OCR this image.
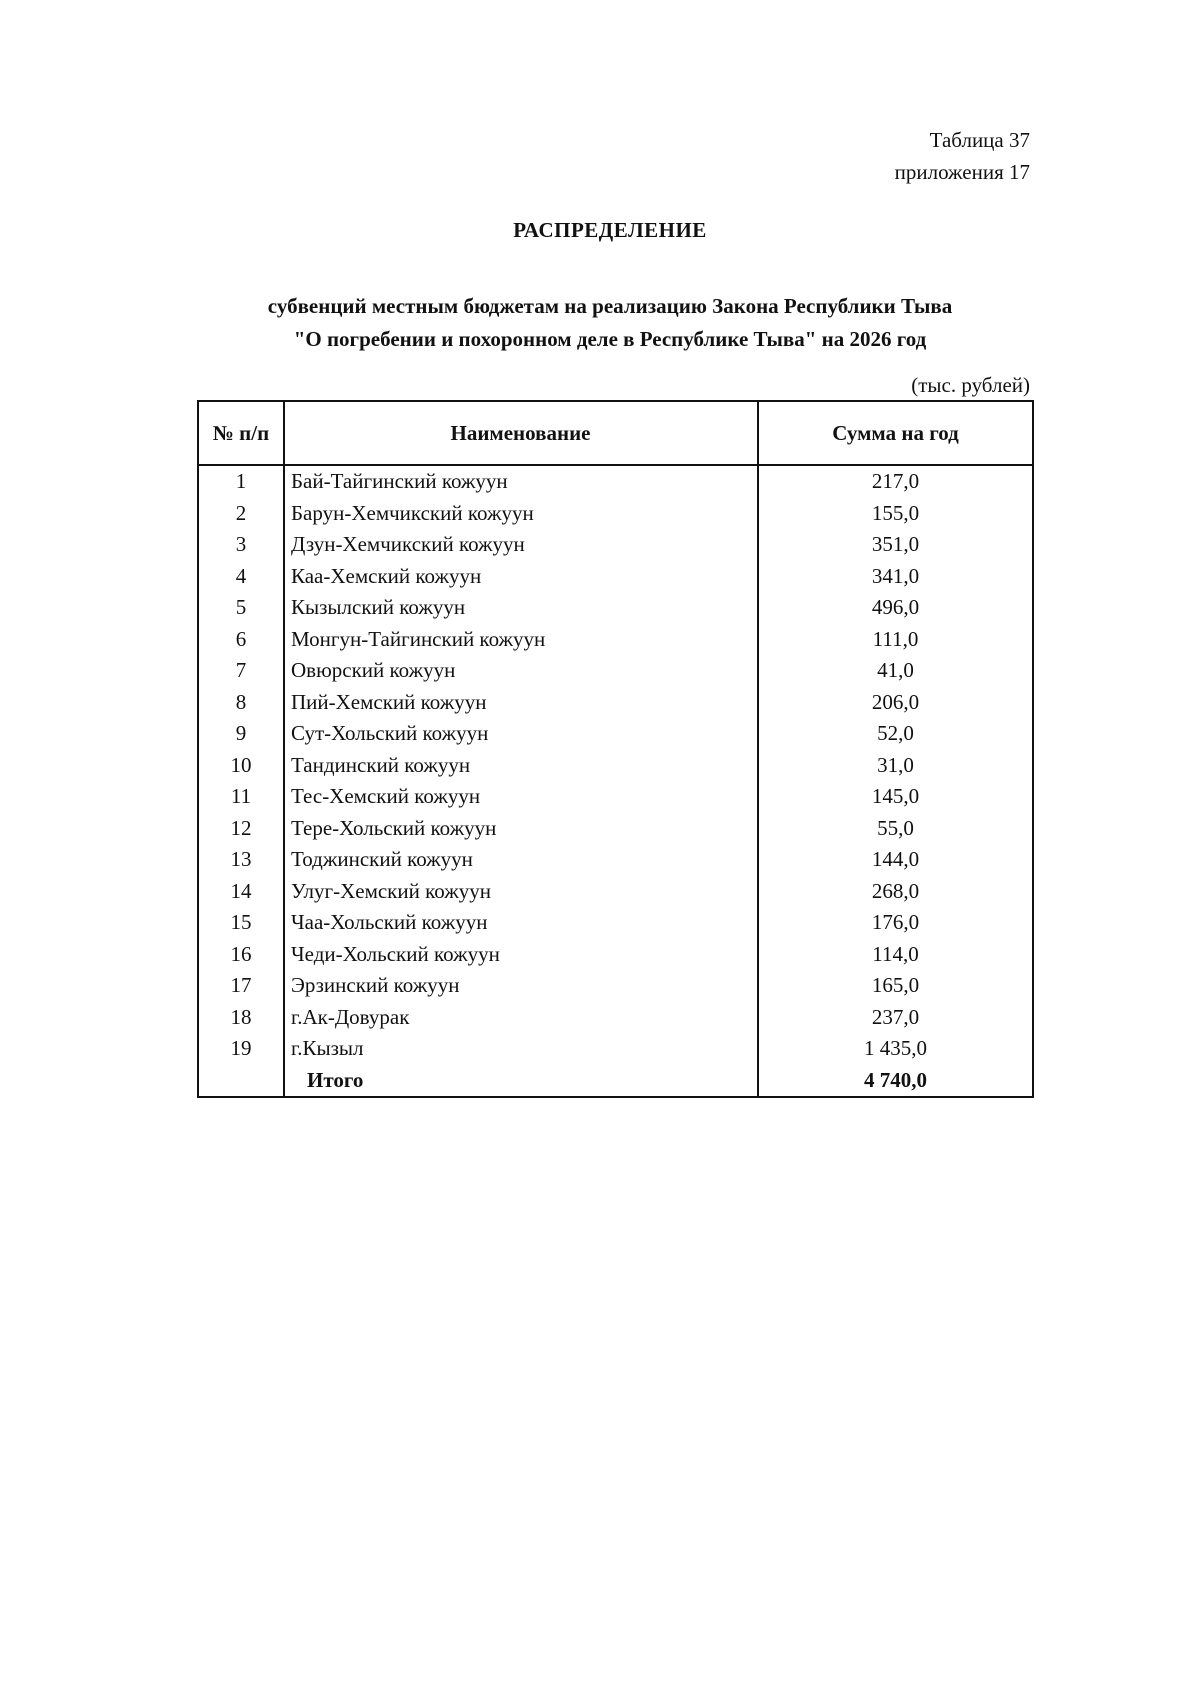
Таблица 37
приложения 17
РАСПРЕДЕЛЕНИЕ
субвенций местным бюджетам на реализацию Закона Республики Тыва
"О погребении и похоронном деле в Республике Тыва" на 2026 год
(тыс. рублей)
№ п/п	Наименование	Сумма на год
1	Бай-Тайгинский кожуун	217,0
2	Барун-Хемчикский кожуун	155,0
3	Дзун-Хемчикский кожуун	351,0
4	Каа-Хемский кожуун	341,0
5	Кызылский кожуун	496,0
6	Монгун-Тайгинский кожуун	111,0
7	Овюрский кожуун	41,0
8	Пий-Хемский кожуун	206,0
9	Сут-Хольский кожуун	52,0
10	Тандинский кожуун	31,0
11	Тес-Хемский кожуун	145,0
12	Тере-Хольский кожуун	55,0
13	Тоджинский кожуун	144,0
14	Улуг-Хемский кожуун	268,0
15	Чаа-Хольский кожуун	176,0
16	Чеди-Хольский кожуун	114,0
17	Эрзинский кожуун	165,0
18	г.Ак-Довурак	237,0
19	г.Кызыл	1 435,0
	Итого	4 740,0
